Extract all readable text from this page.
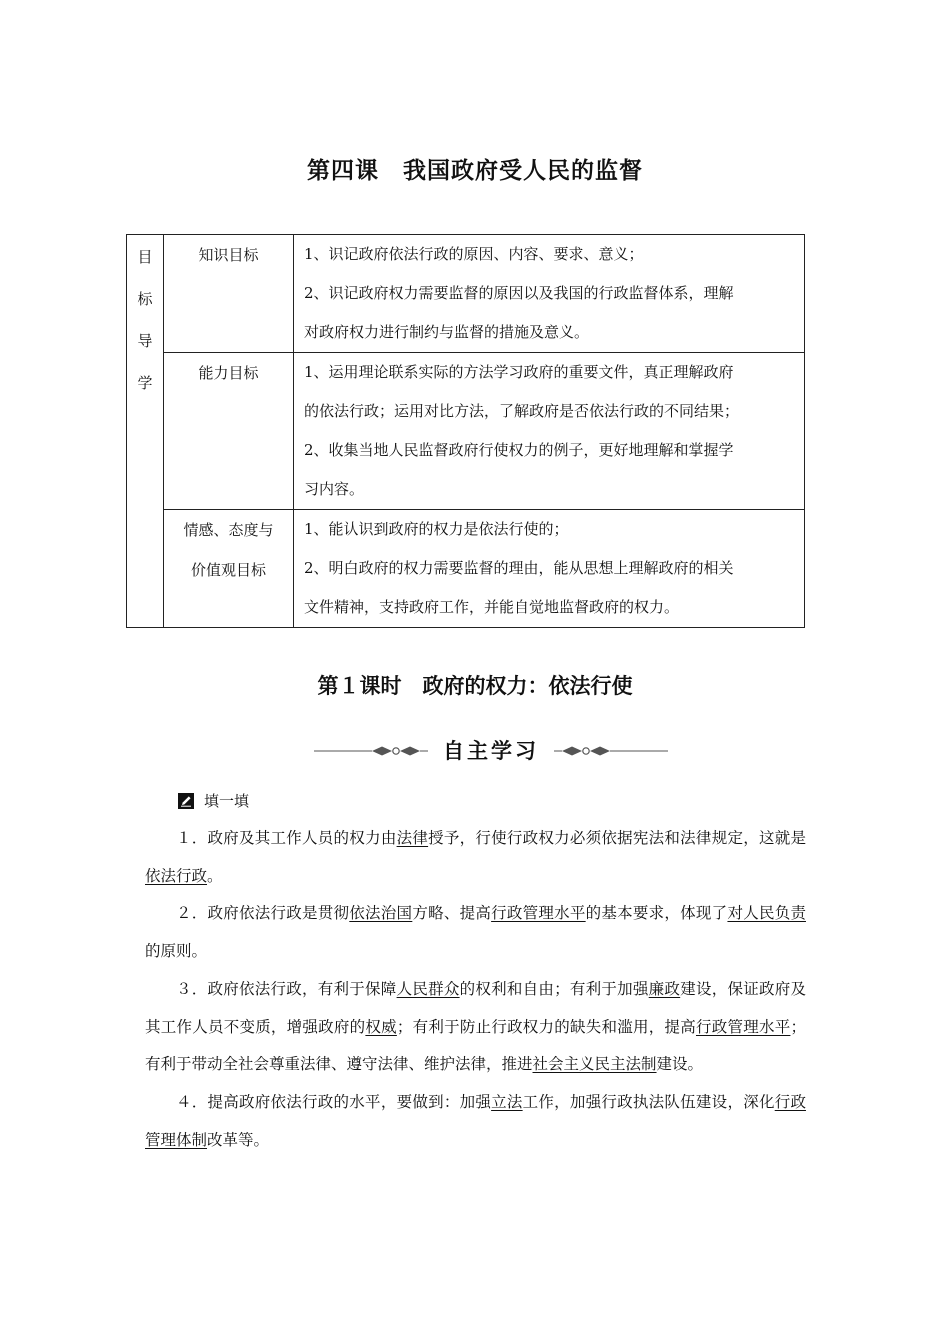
第四课　我国政府受人民的监督
目
标
导
学	知识目标	1、识记政府依法行政的原因、内容、要求、意义；
2、识记政府权力需要监督的原因以及我国的行政监督体系，理解
对政府权力进行制约与监督的措施及意义。

	能力目标	1、运用理论联系实际的方法学习政府的重要文件，真正理解政府
的依法行政；运用对比方法，了解政府是否依法行政的不同结果；
2、收集当地人民监督政府行使权力的例子，更好地理解和掌握学
习内容。

	情感、态度与
价值观目标	1、能认识到政府的权力是依法行使的；
2、明白政府的权力需要监督的理由，能从思想上理解政府的相关
文件精神，支持政府工作，并能自觉地监督政府的权力。
第１课时　政府的权力：依法行使
自主学习
填一填

１．政府及其工作人员的权力由法律授予，行使行政权力必须依据宪法和法律规定，这就是依法行政。

２．政府依法行政是贯彻依法治国方略、提高行政管理水平的基本要求，体现了对人民负责的原则。

３．政府依法行政，有利于保障人民群众的权利和自由；有利于加强廉政建设，保证政府及其工作人员不变质，增强政府的权威；有利于防止行政权力的缺失和滥用，提高行政管理水平；有利于带动全社会尊重法律、遵守法律、维护法律，推进社会主义民主法制建设。

４．提高政府依法行政的水平，要做到：加强立法工作，加强行政执法队伍建设，深化行政管理体制改革等。
